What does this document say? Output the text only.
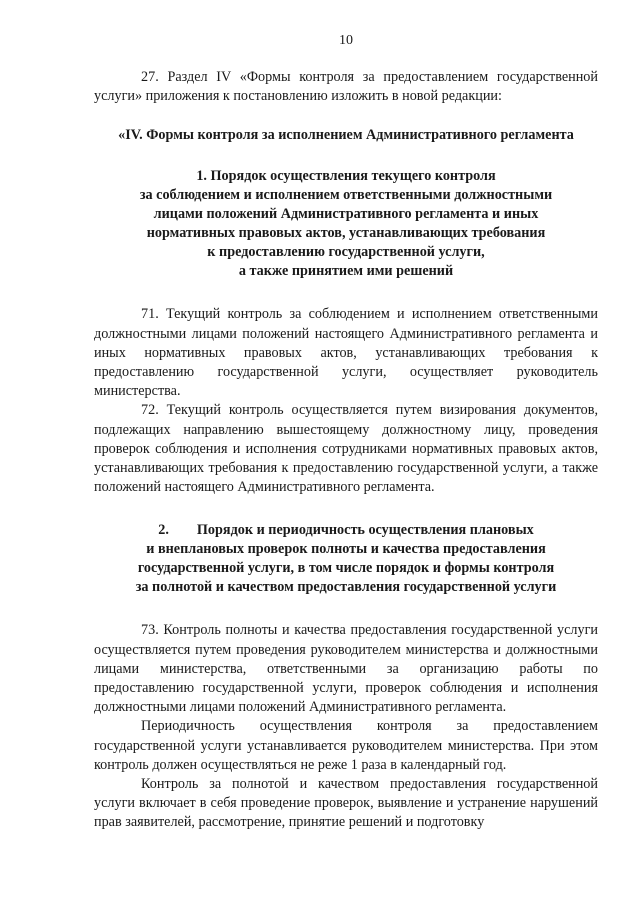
10

27. Раздел IV «Формы контроля за предоставлением государственной услуги» приложения к постановлению изложить в новой редакции:

«IV. Формы контроля за исполнением Административного регламента
1. Порядок осуществления текущего контроля
за соблюдением и исполнением ответственными должностными
лицами положений Административного регламента и иных
нормативных правовых актов, устанавливающих требования
к предоставлению государственной услуги,
а также принятием ими решений

71. Текущий контроль за соблюдением и исполнением ответственными должностными лицами положений настоящего Административного регламента и иных нормативных правовых актов, устанавливающих требования к предоставлению государственной услуги, осуществляет руководитель министерства.

72. Текущий контроль осуществляется путем визирования документов, подлежащих направлению вышестоящему должностному лицу, проведения проверок соблюдения и исполнения сотрудниками нормативных правовых актов, устанавливающих требования к предоставлению государственной услуги, а также положений настоящего Административного регламента.

2. Порядок и периодичность осуществления плановых
и внеплановых проверок полноты и качества предоставления
государственной услуги, в том числе порядок и формы контроля
за полнотой и качеством предоставления государственной услуги

73. Контроль полноты и качества предоставления государственной услуги осуществляется путем проведения руководителем министерства и должностными лицами министерства, ответственными за организацию работы по предоставлению государственной услуги, проверок соблюдения и исполнения должностными лицами положений Административного регламента.

Периодичность осуществления контроля за предоставлением государственной услуги устанавливается руководителем министерства. При этом контроль должен осуществляться не реже 1 раза в календарный год.

Контроль за полнотой и качеством предоставления государственной услуги включает в себя проведение проверок, выявление и устранение нарушений прав заявителей, рассмотрение, принятие решений и подготовку
